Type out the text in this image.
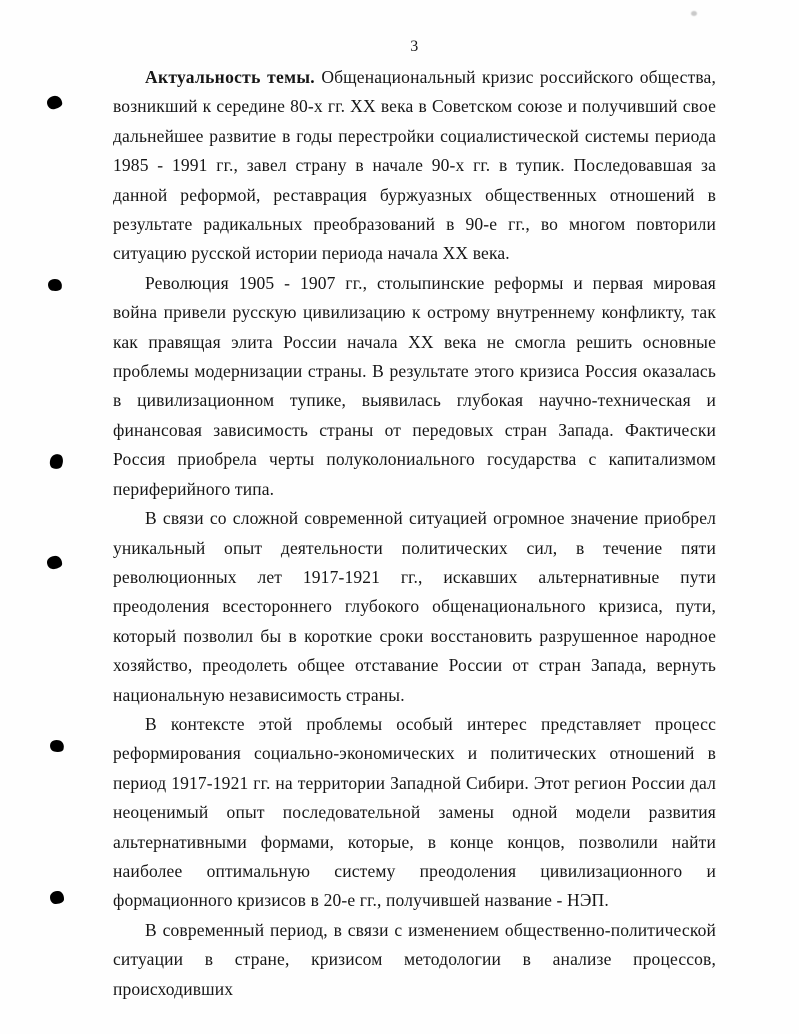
3

Актуальность темы. Общенациональный кризис российского общества, возникший к середине 80-х гг. XX века в Советском союзе и получивший свое дальнейшее развитие в годы перестройки социалистической системы периода 1985 - 1991 гг., завел страну в начале 90-х гг. в тупик. Последовавшая за данной реформой, реставрация буржуазных общественных отношений в результате радикальных преобразований в 90-е гг., во многом повторили ситуацию русской истории периода начала XX века.

Революция 1905 - 1907 гг., столыпинские реформы и первая мировая война привели русскую цивилизацию к острому внутреннему конфликту, так как правящая элита России начала XX века не смогла решить основные проблемы модернизации страны. В результате этого кризиса Россия оказалась в цивилизационном тупике, выявилась глубокая научно-техническая и финансовая зависимость страны от передовых стран Запада. Фактически Россия приобрела черты полуколониального государства с капитализмом периферийного типа.

В связи со сложной современной ситуацией огромное значение приобрел уникальный опыт деятельности политических сил, в течение пяти революционных лет 1917-1921 гг., искавших альтернативные пути преодоления всестороннего глубокого общенационального кризиса, пути, который позволил бы в короткие сроки восстановить разрушенное народное хозяйство, преодолеть общее отставание России от стран Запада, вернуть национальную независимость страны.

В контексте этой проблемы особый интерес представляет процесс реформирования социально-экономических и политических отношений в период 1917-1921 гг. на территории Западной Сибири. Этот регион России дал неоценимый опыт последовательной замены одной модели развития альтернативными формами, которые, в конце концов, позволили найти наиболее оптимальную систему преодоления цивилизационного и формационного кризисов в 20-е гг., получившей название - НЭП.

В современный период, в связи с изменением общественно-политической ситуации в стране, кризисом методологии в анализе процессов, происходивших
